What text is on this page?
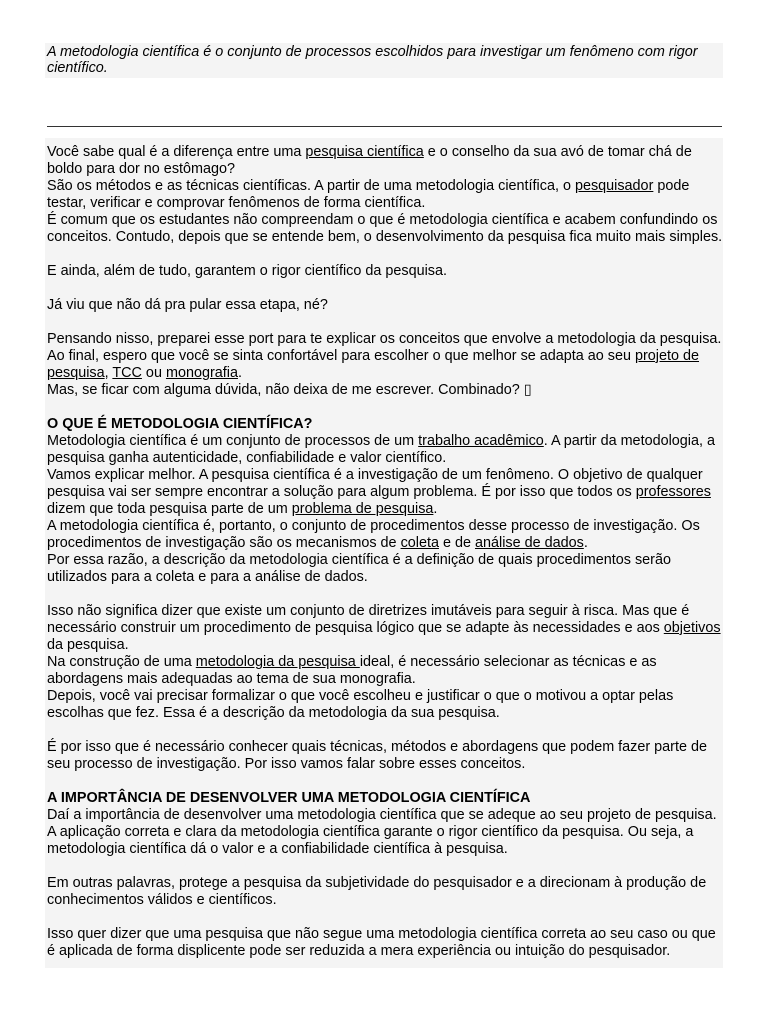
A metodologia científica é o conjunto de processos escolhidos para investigar um fenômeno com rigor científico.

Você sabe qual é a diferença entre uma pesquisa científica e o conselho da sua avó de tomar chá de boldo para dor no estômago?
São os métodos e as técnicas científicas. A partir de uma metodologia científica, o pesquisador pode testar, verificar e comprovar fenômenos de forma científica.
É comum que os estudantes não compreendam o que é metodologia científica e acabem confundindo os conceitos. Contudo, depois que se entende bem, o desenvolvimento da pesquisa fica muito mais simples.

E ainda, além de tudo, garantem o rigor científico da pesquisa.

Já viu que não dá pra pular essa etapa, né?

Pensando nisso, preparei esse port para te explicar os conceitos que envolve a metodologia da pesquisa. Ao final, espero que você se sinta confortável para escolher o que melhor se adapta ao seu projeto de pesquisa, TCC ou monografia.
Mas, se ficar com alguma dúvida, não deixa de me escrever. Combinado? ▯

O QUE É METODOLOGIA CIENTÍFICA?

Metodologia científica é um conjunto de processos de um trabalho acadêmico. A partir da metodologia, a pesquisa ganha autenticidade, confiabilidade e valor científico.
Vamos explicar melhor. A pesquisa científica é a investigação de um fenômeno. O objetivo de qualquer pesquisa vai ser sempre encontrar a solução para algum problema. É por isso que todos os professores dizem que toda pesquisa parte de um problema de pesquisa.
A metodologia científica é, portanto, o conjunto de procedimentos desse processo de investigação. Os procedimentos de investigação são os mecanismos de coleta e de análise de dados.
Por essa razão, a descrição da metodologia científica é a definição de quais procedimentos serão utilizados para a coleta e para a análise de dados.

Isso não significa dizer que existe um conjunto de diretrizes imutáveis para seguir à risca. Mas que é necessário construir um procedimento de pesquisa lógico que se adapte às necessidades e aos objetivos da pesquisa.
Na construção de uma metodologia da pesquisa ideal, é necessário selecionar as técnicas e as abordagens mais adequadas ao tema de sua monografia.
Depois, você vai precisar formalizar o que você escolheu e justificar o que o motivou a optar pelas escolhas que fez. Essa é a descrição da metodologia da sua pesquisa.

É por isso que é necessário conhecer quais técnicas, métodos e abordagens que podem fazer parte de seu processo de investigação. Por isso vamos falar sobre esses conceitos.

A IMPORTÂNCIA DE DESENVOLVER UMA METODOLOGIA CIENTÍFICA

Daí a importância de desenvolver uma metodologia científica que se adeque ao seu projeto de pesquisa. A aplicação correta e clara da metodologia científica garante o rigor científico da pesquisa. Ou seja, a metodologia científica dá o valor e a confiabilidade científica à pesquisa.

Em outras palavras, protege a pesquisa da subjetividade do pesquisador e a direcionam à produção de conhecimentos válidos e científicos.

Isso quer dizer que uma pesquisa que não segue uma metodologia científica correta ao seu caso ou que é aplicada de forma displicente pode ser reduzida a mera experiência ou intuição do pesquisador.
